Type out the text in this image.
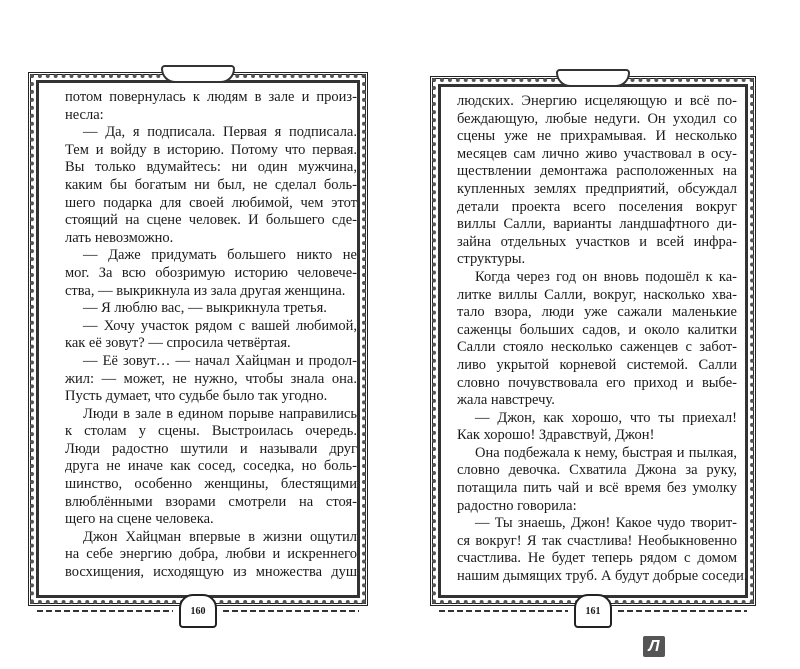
потом повернулась к людям в зале и произ-
несла:
— Да, я подписала. Первая я подписала.
Тем и войду в историю. Потому что первая.
Вы только вдумайтесь: ни один мужчина,
каким бы богатым ни был, не сделал боль-
шего подарка для своей любимой, чем этот
стоящий на сцене человек. И большего сде-
лать невозможно.
— Даже придумать большего никто не
мог. За всю обозримую историю человече-
ства, — выкрикнула из зала другая женщина.
— Я люблю вас, — выкрикнула третья.
— Хочу участок рядом с вашей любимой,
как её зовут? — спросила четвёртая.
— Её зовут… — начал Хайцман и продол-
жил: — может, не нужно, чтобы знала она.
Пусть думает, что судьбе было так угодно.
Люди в зале в едином порыве направились
к столам у сцены. Выстроилась очередь.
Люди радостно шутили и называли друг
друга не иначе как сосед, соседка, но боль-
шинство, особенно женщины, блестящими
влюблёнными взорами смотрели на стоя-
щего на сцене человека.
Джон Хайцман впервые в жизни ощутил
на себе энергию добра, любви и искреннего
восхищения, исходящую из множества душ
160
людских. Энергию исцеляющую и всё по-
беждающую, любые недуги. Он уходил со
сцены уже не прихрамывая. И несколько
месяцев сам лично живо участвовал в осу-
ществлении демонтажа расположенных на
купленных землях предприятий, обсуждал
детали проекта всего поселения вокруг
виллы Салли, варианты ландшафтного ди-
зайна отдельных участков и всей инфра-
структуры.
Когда через год он вновь подошёл к ка-
литке виллы Салли, вокруг, насколько хва-
тало взора, люди уже сажали маленькие
саженцы больших садов, и около калитки
Салли стояло несколько саженцев с забот-
ливо укрытой корневой системой. Салли
словно почувствовала его приход и выбе-
жала навстречу.
— Джон, как хорошо, что ты приехал!
Как хорошо! Здравствуй, Джон!
Она подбежала к нему, быстрая и пылкая,
словно девочка. Схватила Джона за руку,
потащила пить чай и всё время без умолку
радостно говорила:
— Ты знаешь, Джон! Какое чудо творит-
ся вокруг! Я так счастлива! Необыкновенно
счастлива. Не будет теперь рядом с домом
нашим дымящих труб. А будут добрые соседи.
161
Л
